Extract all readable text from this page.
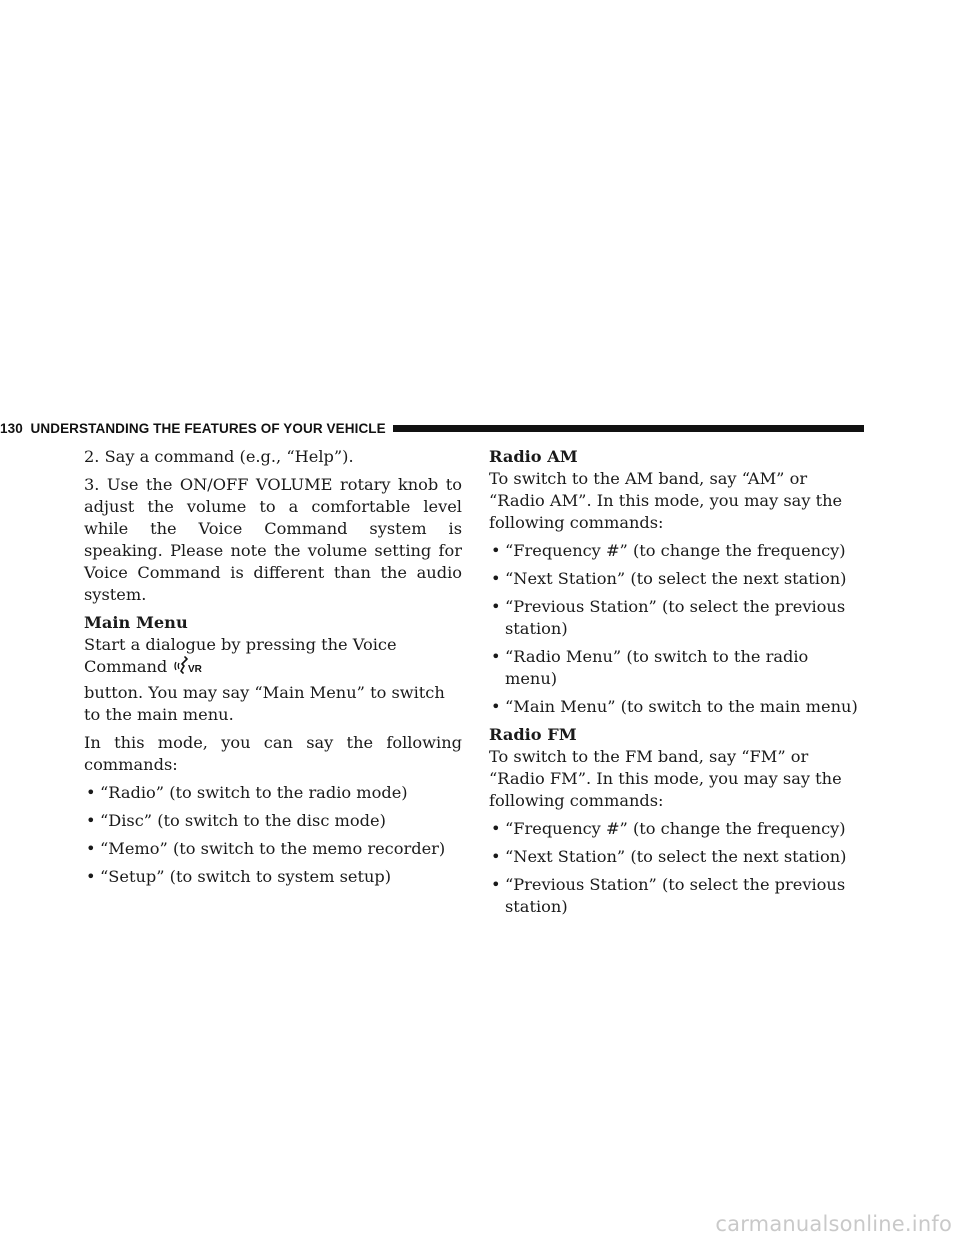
130 UNDERSTANDING THE FEATURES OF YOUR VEHICLE

2. Say a command (e.g., “Help”).

3. Use the ON/OFF VOLUME rotary knob to adjust the volume to a comfortable level while the Voice Command system is speaking. Please note the volume setting for Voice Command is different than the audio system.

Main Menu

Start a dialogue by pressing the Voice Command VR

button. You may say “Main Menu” to switch to the main menu.

In this mode, you can say the following commands:

• “Radio” (to switch to the radio mode)
• “Disc” (to switch to the disc mode)
• “Memo” (to switch to the memo recorder)
• “Setup” (to switch to system setup)

Radio AM

To switch to the AM band, say “AM” or “Radio AM”. In this mode, you may say the following commands:

• “Frequency #” (to change the frequency)
• “Next Station” (to select the next station)
• “Previous Station” (to select the previous station)
• “Radio Menu” (to switch to the radio menu)
• “Main Menu” (to switch to the main menu)

Radio FM

To switch to the FM band, say “FM” or “Radio FM”. In this mode, you may say the following commands:

• “Frequency #” (to change the frequency)
• “Next Station” (to select the next station)
• “Previous Station” (to select the previous station)
carmanualsonline.info
